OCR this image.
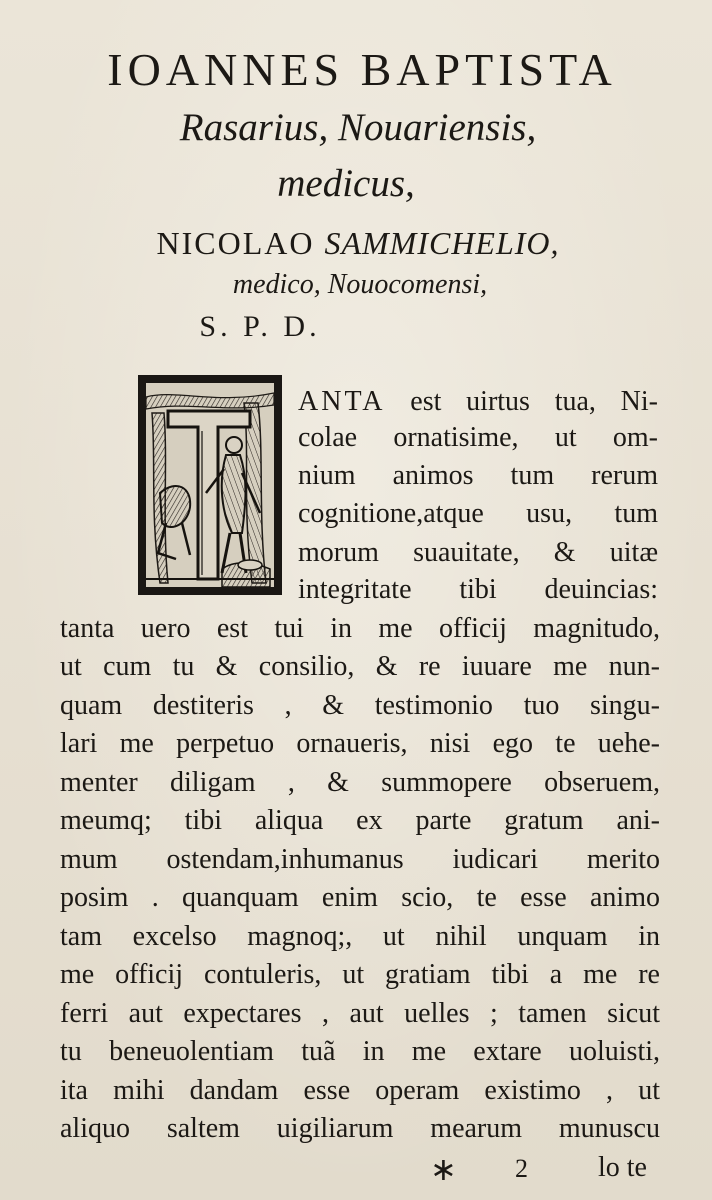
IOANNES BAPTISTA
Rasarius, Nouariensis,
medicus,
NICOLAO SAMMICHELIO,
medico, Nouocomensi,
S. P. D.
ANTA est uirtus tua, Ni-
colae ornatisime, ut om-
nium animos tum rerum
cognitione,atque usu, tum
morum suauitate, & uitæ
integritate tibi deuincias:
tanta uero est tui in me officij magnitudo,
ut cum tu & consilio, & re iuuare me nun-
quam destiteris , & testimonio tuo singu-
lari me perpetuo ornaueris, nisi ego te uehe-
menter diligam , & summopere obseruem,
meumq; tibi aliqua ex parte gratum ani-
mum ostendam,inhumanus iudicari merito
posim . quanquam enim scio, te esse animo
tam excelso magnoq;, ut nihil unquam in
me officij contuleris, ut gratiam tibi a me re
ferri aut expectares , aut uelles ; tamen sicut
tu beneuolentiam tuã in me extare uoluisti,
ita mihi dandam esse operam existimo , ut
aliquo saltem uigiliarum mearum munuscu
∗ 2	lo te
